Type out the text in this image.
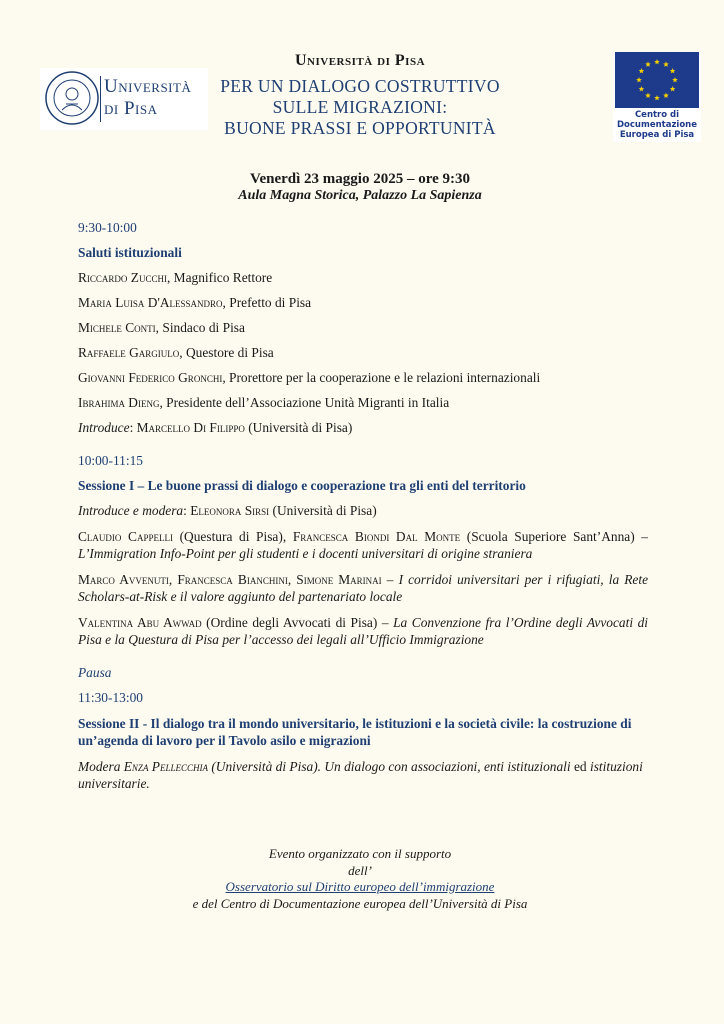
Università
di Pisa	Centro di
Documentazione
Europea di Pisa
Università di Pisa
PER UN DIALOGO COSTRUTTIVO
SULLE MIGRAZIONI:
BUONE PRASSI E OPPORTUNITÀ
Venerdì 23 maggio 2025 – ore 9:30
Aula Magna Storica, Palazzo La Sapienza

9:30-10:00

Saluti istituzionali

Riccardo Zucchi, Magnifico Rettore

Maria Luisa D'Alessandro, Prefetto di Pisa

Michele Conti, Sindaco di Pisa

Raffaele Gargiulo, Questore di Pisa

Giovanni Federico Gronchi, Prorettore per la cooperazione e le relazioni internazionali

Ibrahima Dieng, Presidente dell’Associazione Unità Migranti in Italia

Introduce: Marcello Di Filippo (Università di Pisa)

10:00-11:15

Sessione I – Le buone prassi di dialogo e cooperazione tra gli enti del territorio

Introduce e modera: Eleonora Sirsi (Università di Pisa)

Claudio Cappelli (Questura di Pisa), Francesca Biondi Dal Monte (Scuola Superiore Sant’Anna) – L’Immigration Info-Point per gli studenti e i docenti universitari di origine straniera

Marco Avvenuti, Francesca Bianchini, Simone Marinai – I corridoi universitari per i rifugiati, la Rete Scholars-at-Risk e il valore aggiunto del partenariato locale

Valentina Abu Awwad (Ordine degli Avvocati di Pisa) – La Convenzione fra l’Ordine degli Avvocati di Pisa e la Questura di Pisa per l’accesso dei legali all’Ufficio Immigrazione

Pausa

11:30-13:00

Sessione II - Il dialogo tra il mondo universitario, le istituzioni e la società civile: la costruzione di un’agenda di lavoro per il Tavolo asilo e migrazioni

Modera Enza Pellecchia (Università di Pisa). Un dialogo con associazioni, enti istituzionali ed istituzioni universitarie.

Evento organizzato con il supporto
dell’
Osservatorio sul Diritto europeo dell’immigrazione
e del Centro di Documentazione europea dell’Università di Pisa
